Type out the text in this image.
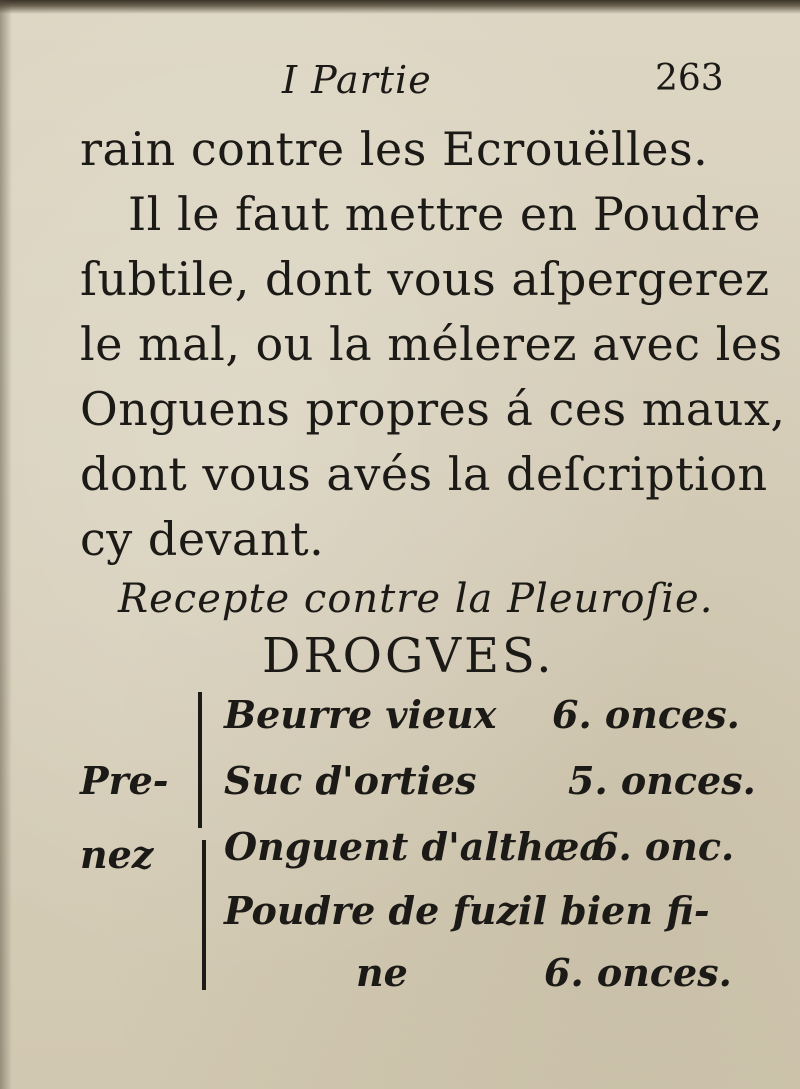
I Partie	263
rain contre les Ecrouëlles.
Il le faut mettre en Poudre
ſubtile, dont vous aſpergerez
le mal, ou la mélerez avec les
Onguens propres á ces maux,
dont vous avés la deſcription
cy devant.
Recepte contre la Pleuroſie.
DROGVES.
Pre-
nez
Beurre vieux 6. onces.
Suc d'orties 5. onces.
Onguent d'althæa
6. onc.
Poudre de fuzil bien fi-
ne	6. onces.
